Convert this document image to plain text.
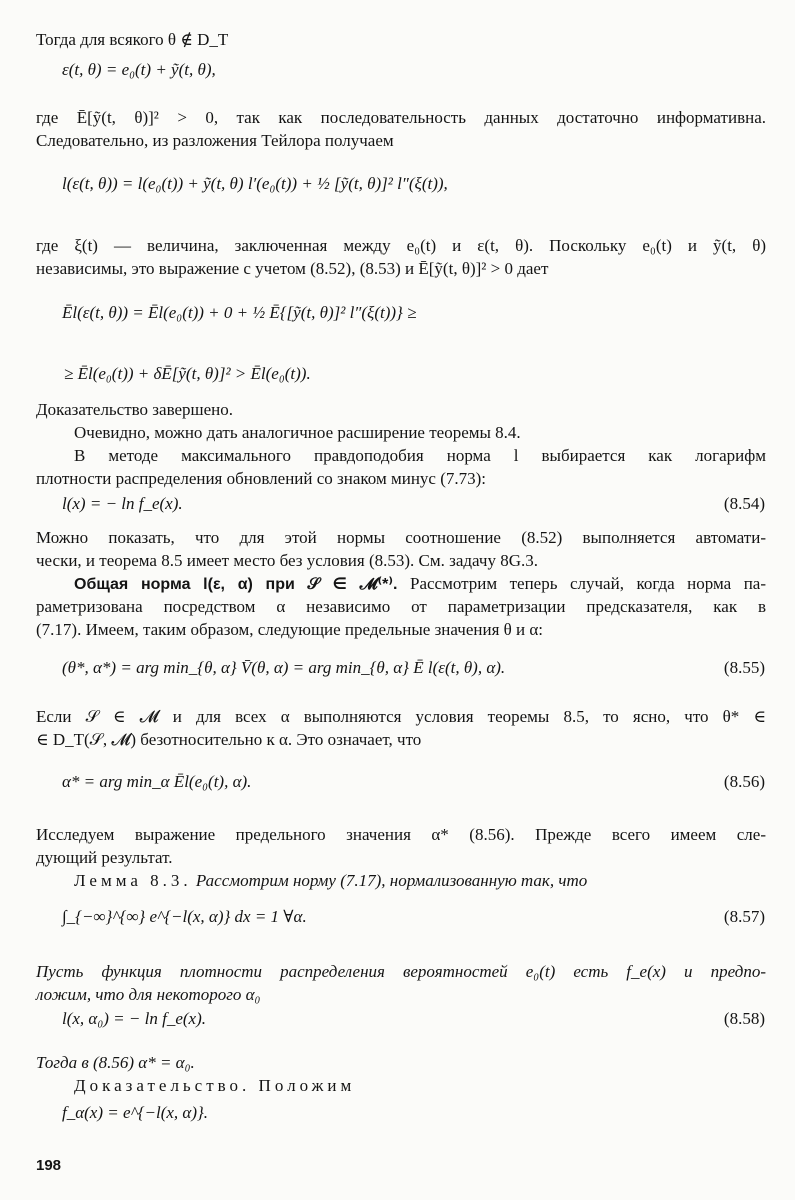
Тогда для всякого θ ∉ D_T
ε(t, θ) = e₀(t) + ỹ(t, θ),
где Ē[ỹ(t, θ)]² > 0, так как последовательность данных достаточно информативна.
Следовательно, из разложения Тейлора получаем
l(ε(t, θ)) = l(e₀(t)) + ỹ(t, θ) l′(e₀(t)) + ½ [ỹ(t, θ)]² l″(ξ(t)),
где ξ(t) — величина, заключенная между e₀(t) и ε(t, θ). Поскольку e₀(t) и ỹ(t, θ)
независимы, это выражение с учетом (8.52), (8.53) и Ē[ỹ(t, θ)]² > 0 дает
Ēl(ε(t, θ)) = Ēl(e₀(t)) + 0 + ½ Ē{[ỹ(t, θ)]² l″(ξ(t))} ≥
≥ Ēl(e₀(t)) + δĒ[ỹ(t, θ)]² > Ēl(e₀(t)).
Доказательство завершено.
Очевидно, можно дать аналогичное расширение теоремы 8.4.
В методе максимального правдоподобия норма l выбирается как логарифм
плотности распределения обновлений со знаком минус (7.73):
l(x) = − ln f_e(x).	(8.54)
Можно показать, что для этой нормы соотношение (8.52) выполняется автомати-
чески, и теорема 8.5 имеет место без условия (8.53). См. задачу 8G.3.
Общая норма l(ε, α) при 𝒮 ∈ 𝓜⁽*⁾. Рассмотрим теперь случай, когда норма па-
раметризована посредством α независимо от параметризации предсказателя, как в
(7.17). Имеем, таким образом, следующие предельные значения θ и α:
(θ*, α*) = arg min_{θ, α} V̄(θ, α) = arg min_{θ, α} Ē l(ε(t, θ), α).	(8.55)
Если 𝒮 ∈ 𝓜 и для всех α выполняются условия теоремы 8.5, то ясно, что θ* ∈
∈ D_T(𝒮, 𝓜) безотносительно к α. Это означает, что
α* = arg min_α Ēl(e₀(t), α).	(8.56)
Исследуем выражение предельного значения α* (8.56). Прежде всего имеем сле-
дующий результат.
Лемма 8.3. Рассмотрим норму (7.17), нормализованную так, что
∫_{−∞}^{∞} e^{−l(x, α)} dx = 1 ∀α.	(8.57)
Пусть функция плотности распределения вероятностей e₀(t) есть f_e(x) и предпо-
ложим, что для некоторого α₀
l(x, α₀) = − ln f_e(x).	(8.58)
Тогда в (8.56) α* = α₀.
Доказательство. Положим
f_α(x) = e^{−l(x, α)}.
198
